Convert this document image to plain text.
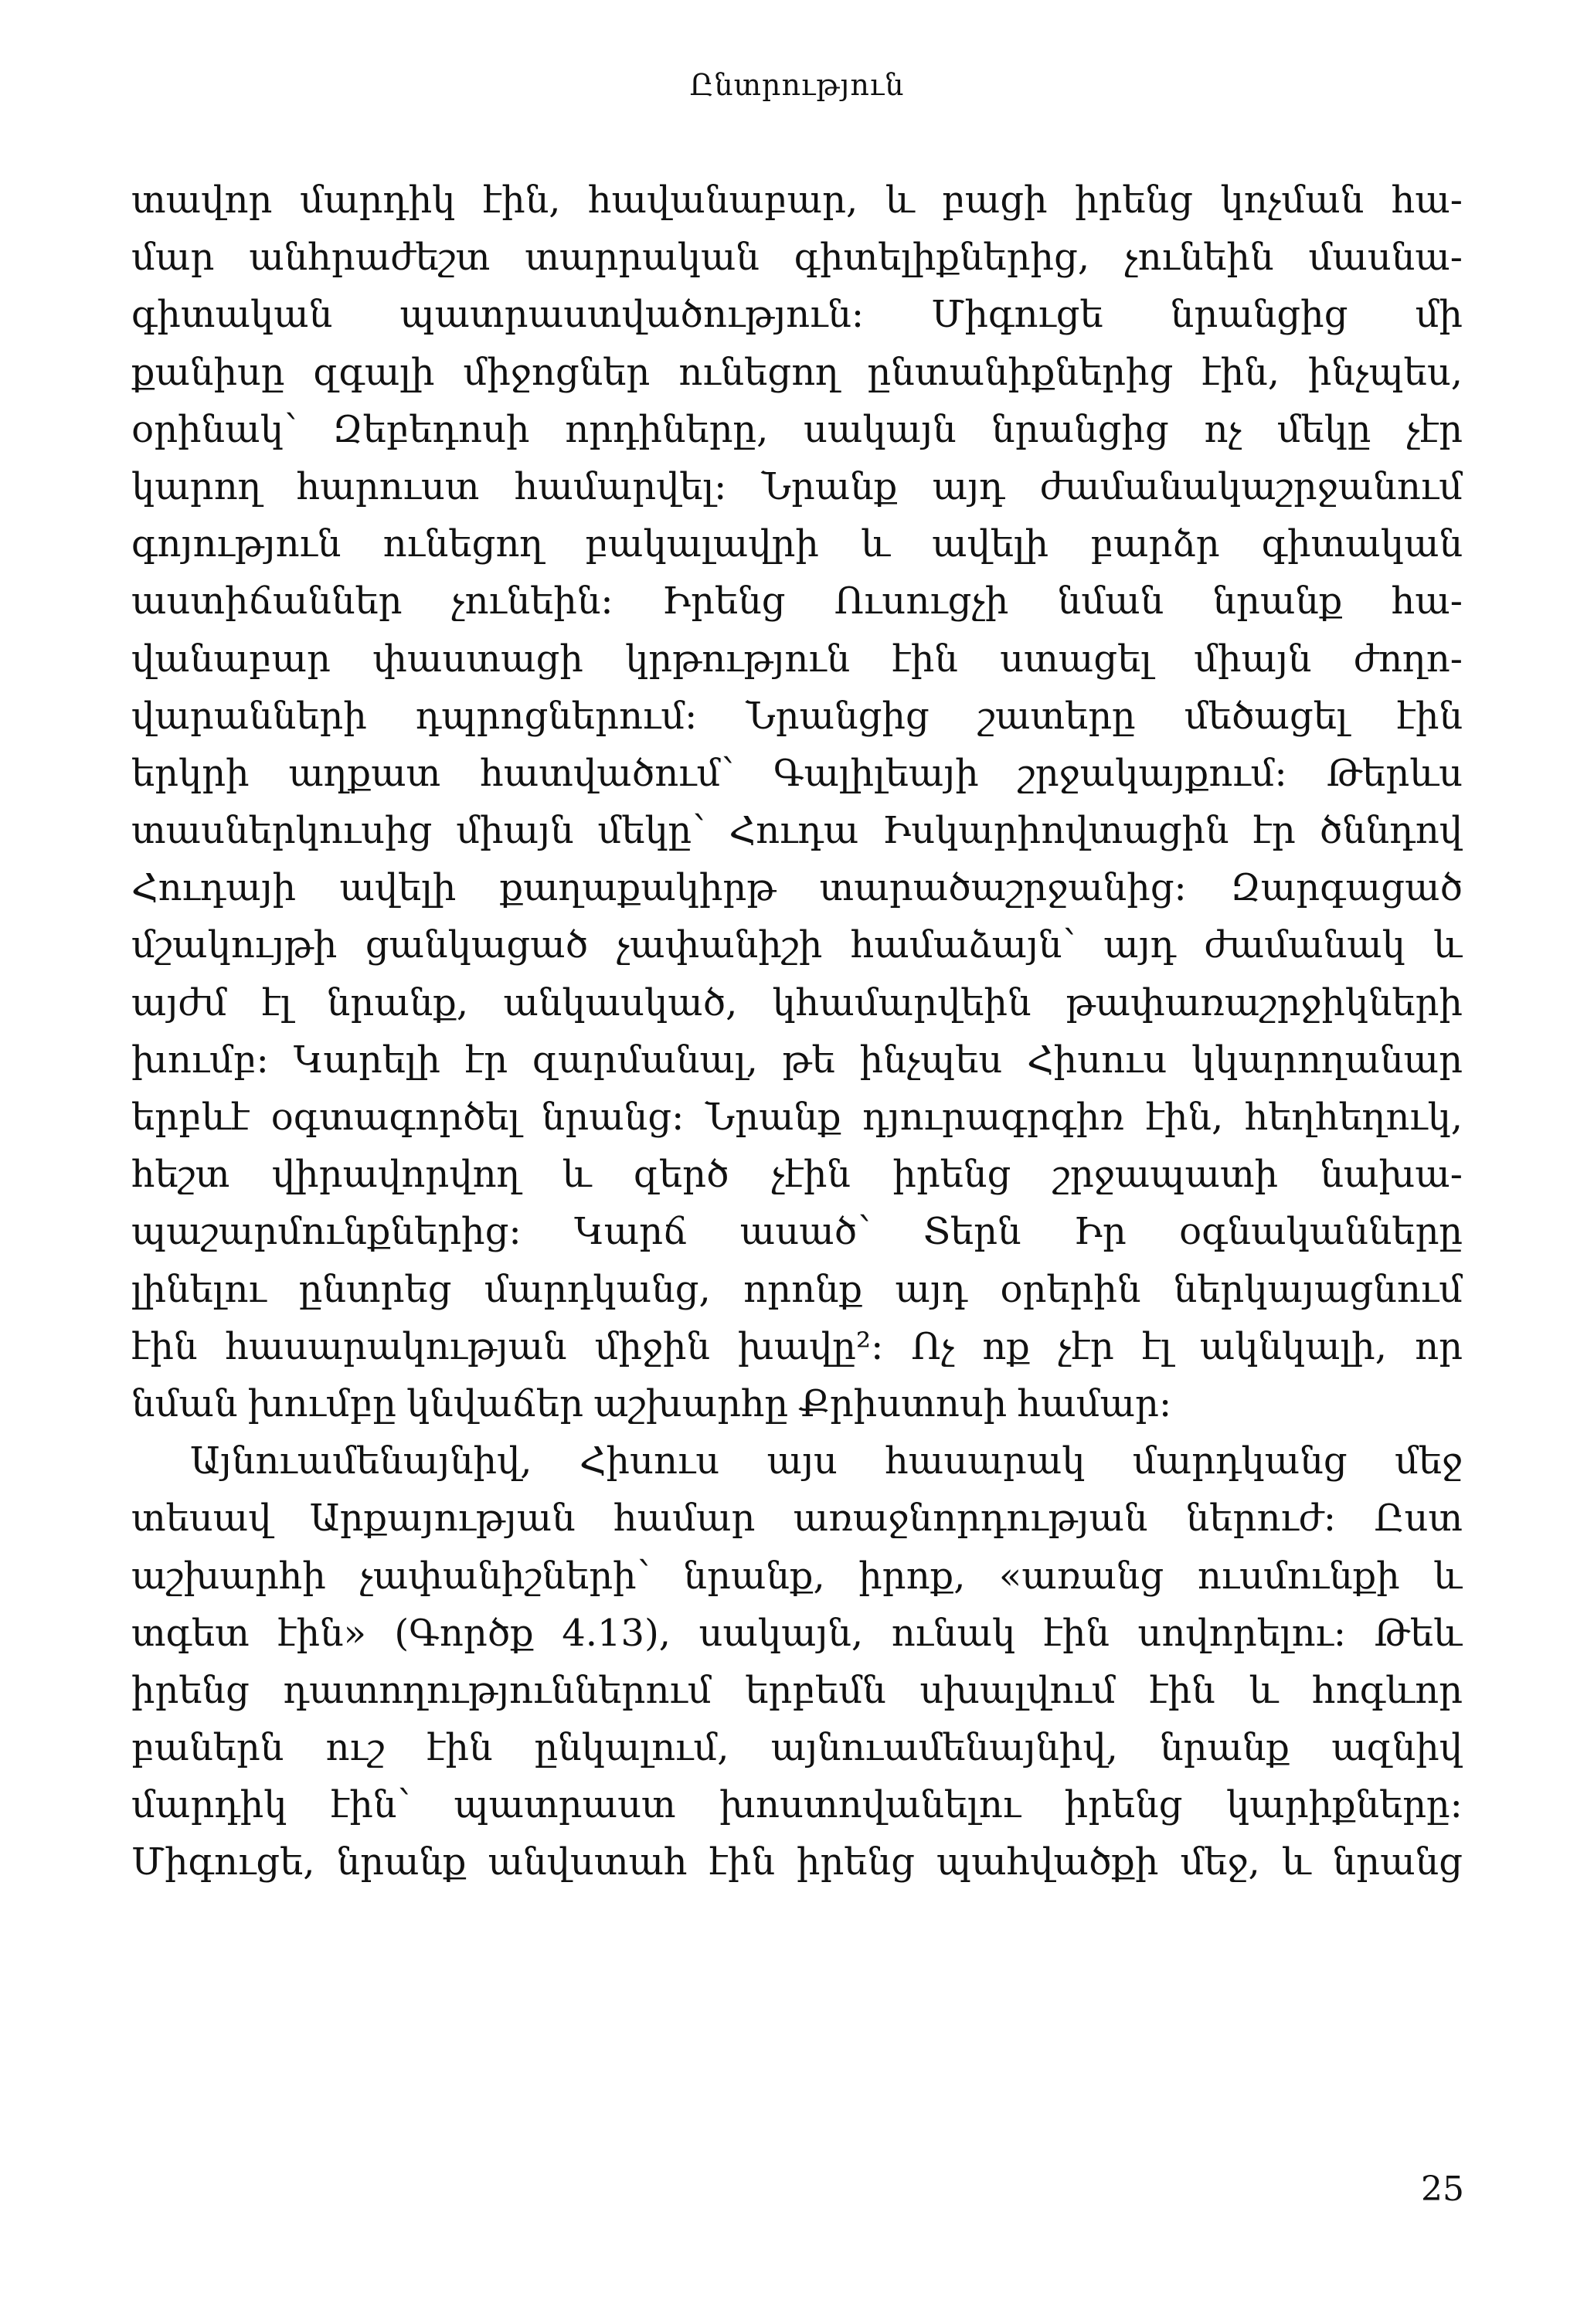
Ընտրություն
տավոր մարդիկ էին, հավանաբար, և բացի իրենց կոչման հա-
մար անհրաժեշտ տարրական գիտելիքներից, չունեին մասնա-
գիտական պատրաստվածություն։ Միգուցե նրանցից մի
քանիսը զգալի միջոցներ ունեցող ընտանիքներից էին, ինչպես,
օրինակ՝ Զեբեդոսի որդիները, սակայն նրանցից ոչ մեկը չէր
կարող հարուստ համարվել։ Նրանք այդ ժամանակաշրջանում
գոյություն ունեցող բակալավրի և ավելի բարձր գիտական
աստիճաններ չունեին։ Իրենց Ուսուցչի նման նրանք հա-
վանաբար փաստացի կրթություն էին ստացել միայն ժողո-
վարանների դպրոցներում։ Նրանցից շատերը մեծացել էին
երկրի աղքատ հատվածում՝ Գալիլեայի շրջակայքում։ Թերևս
տասներկուսից միայն մեկը՝ Հուդա Իսկարիովտացին էր ծննդով
Հուդայի ավելի քաղաքակիրթ տարածաշրջանից։ Զարգացած
մշակույթի ցանկացած չափանիշի համաձայն՝ այդ ժամանակ և
այժմ էլ նրանք, անկասկած, կհամարվեին թափառաշրջիկների
խումբ։ Կարելի էր զարմանալ, թե ինչպես Հիսուս կկարողանար
երբևէ օգտագործել նրանց։ Նրանք դյուրագրգիռ էին, հեղհեղուկ,
հեշտ վիրավորվող և զերծ չէին իրենց շրջապատի նախա-
պաշարմունքներից։ Կարճ ասած՝ Տերն Իր օգնականները
լինելու ընտրեց մարդկանց, որոնք այդ օրերին ներկայացնում
էին հասարակության միջին խավը²։ Ոչ ոք չէր էլ ակնկալի, որ
նման խումբը կնվաճեր աշխարհը Քրիստոսի համար։
Այնուամենայնիվ, Հիսուս այս հասարակ մարդկանց մեջ
տեսավ Արքայության համար առաջնորդության ներուժ։ Ըստ
աշխարհի չափանիշների՝ նրանք, իրոք, «առանց ուսմունքի և
տգետ էին» (Գործք 4.13), սակայն, ունակ էին սովորելու։ Թեև
իրենց դատողություններում երբեմն սխալվում էին և հոգևոր
բաներն ուշ էին ընկալում, այնուամենայնիվ, նրանք ազնիվ
մարդիկ էին՝ պատրաստ խոստովանելու իրենց կարիքները։
Միգուցե, նրանք անվստահ էին իրենց պահվածքի մեջ, և նրանց
25
